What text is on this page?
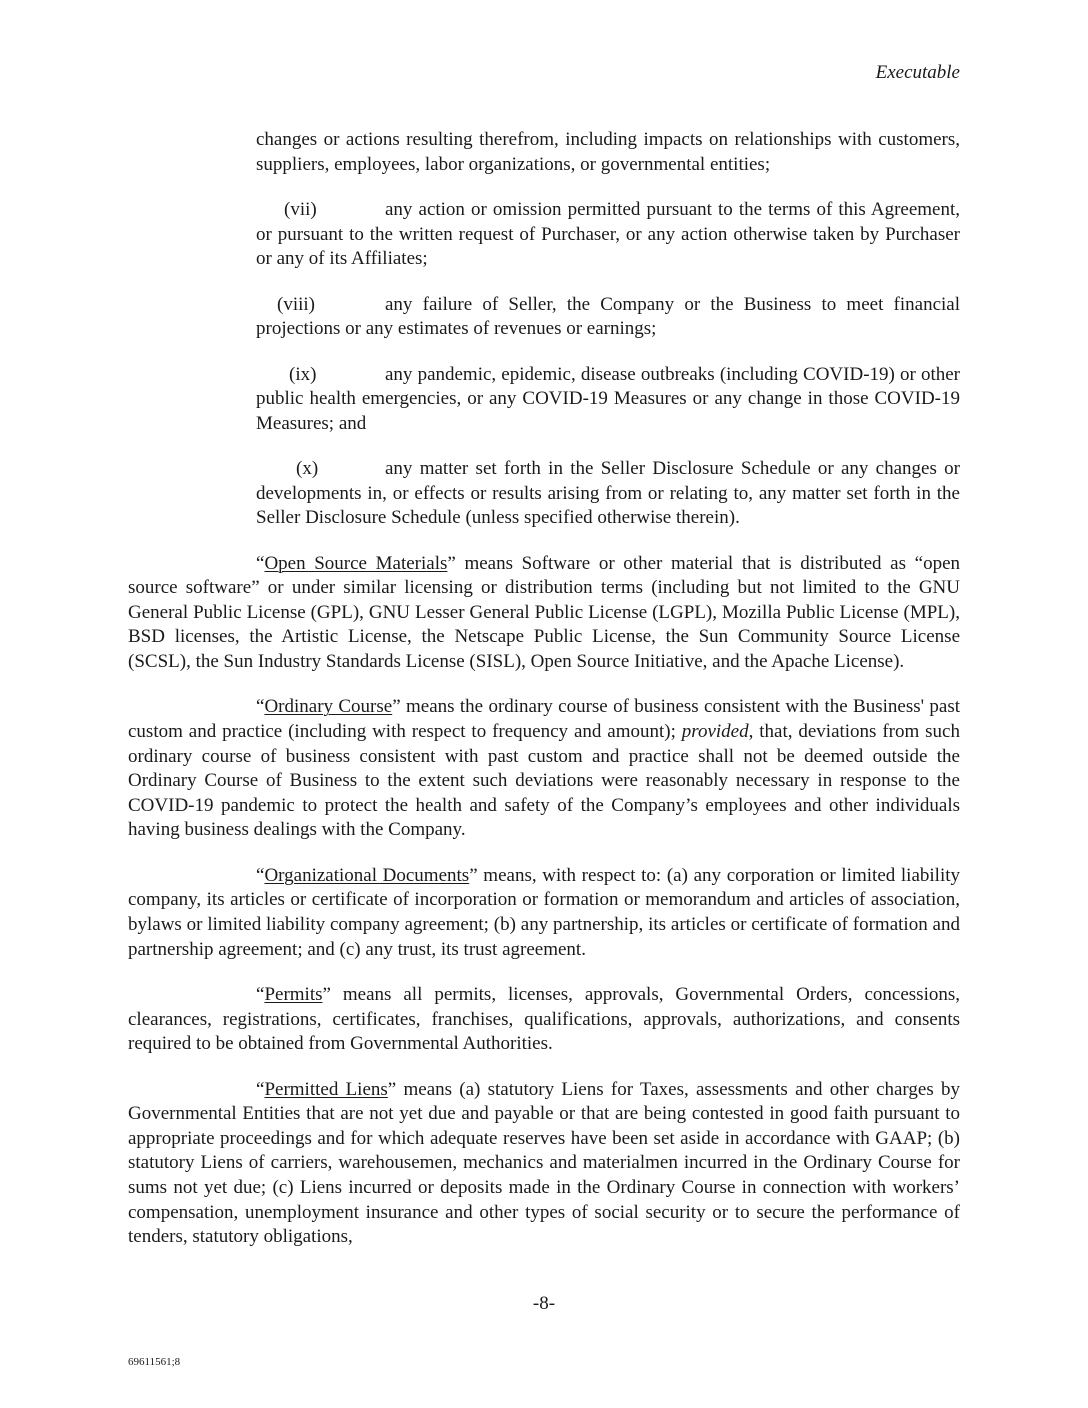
Executable

changes or actions resulting therefrom, including impacts on relationships with customers, suppliers, employees, labor organizations, or governmental entities;

(vii)	any action or omission permitted pursuant to the terms of this Agreement, or pursuant to the written request of Purchaser, or any action otherwise taken by Purchaser or any of its Affiliates;

(viii)	any failure of Seller, the Company or the Business to meet financial projections or any estimates of revenues or earnings;

(ix)	any pandemic, epidemic, disease outbreaks (including COVID-19) or other public health emergencies, or any COVID-19 Measures or any change in those COVID-19 Measures; and

(x)	any matter set forth in the Seller Disclosure Schedule or any changes or developments in, or effects or results arising from or relating to, any matter set forth in the Seller Disclosure Schedule (unless specified otherwise therein).

“Open Source Materials” means Software or other material that is distributed as “open source software” or under similar licensing or distribution terms (including but not limited to the GNU General Public License (GPL), GNU Lesser General Public License (LGPL), Mozilla Public License (MPL), BSD licenses, the Artistic License, the Netscape Public License, the Sun Community Source License (SCSL), the Sun Industry Standards License (SISL), Open Source Initiative, and the Apache License).

“Ordinary Course” means the ordinary course of business consistent with the Business' past custom and practice (including with respect to frequency and amount); provided, that, deviations from such ordinary course of business consistent with past custom and practice shall not be deemed outside the Ordinary Course of Business to the extent such deviations were reasonably necessary in response to the COVID-19 pandemic to protect the health and safety of the Company’s employees and other individuals having business dealings with the Company.

“Organizational Documents” means, with respect to: (a) any corporation or limited liability company, its articles or certificate of incorporation or formation or memorandum and articles of association, bylaws or limited liability company agreement; (b) any partnership, its articles or certificate of formation and partnership agreement; and (c) any trust, its trust agreement.

“Permits” means all permits, licenses, approvals, Governmental Orders, concessions, clearances, registrations, certificates, franchises, qualifications, approvals, authorizations, and consents required to be obtained from Governmental Authorities.

“Permitted Liens” means (a) statutory Liens for Taxes, assessments and other charges by Governmental Entities that are not yet due and payable or that are being contested in good faith pursuant to appropriate proceedings and for which adequate reserves have been set aside in accordance with GAAP; (b) statutory Liens of carriers, warehousemen, mechanics and materialmen incurred in the Ordinary Course for sums not yet due; (c) Liens incurred or deposits made in the Ordinary Course in connection with workers’ compensation, unemployment insurance and other types of social security or to secure the performance of tenders, statutory obligations,

-8-
69611561;8
